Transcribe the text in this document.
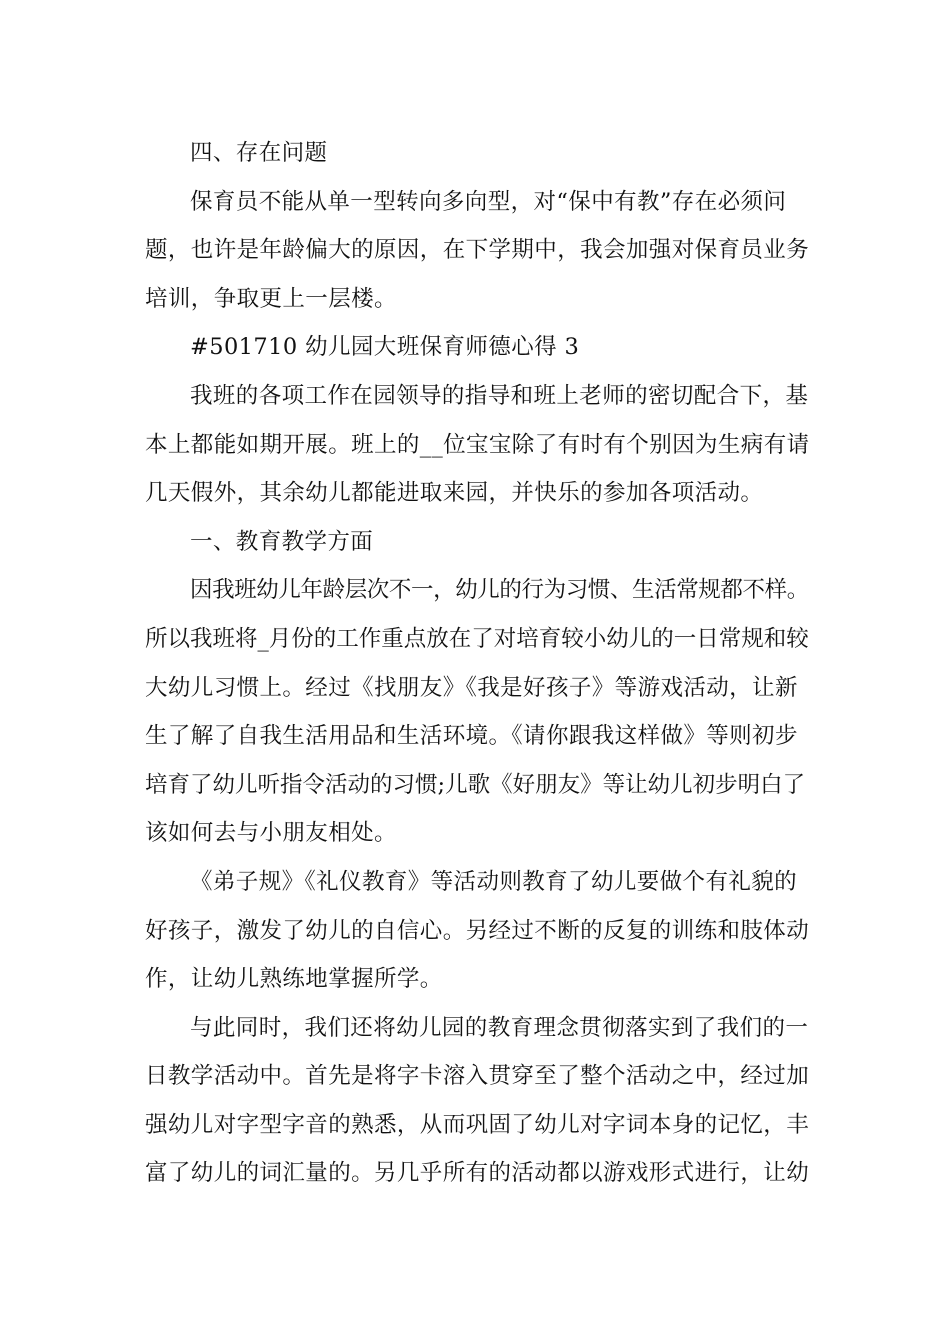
四、存在问题
保育员不能从单一型转向多向型，对“保中有教”存在必须问
题，也许是年龄偏大的原因，在下学期中，我会加强对保育员业务
培训，争取更上一层楼。
#501710 幼儿园大班保育师德心得 3
我班的各项工作在园领导的指导和班上老师的密切配合下，基
本上都能如期开展。班上的__位宝宝除了有时有个别因为生病有请
几天假外，其余幼儿都能进取来园，并快乐的参加各项活动。
一、教育教学方面
因我班幼儿年龄层次不一，幼儿的行为习惯、生活常规都不样。
所以我班将_月份的工作重点放在了对培育较小幼儿的一日常规和较
大幼儿习惯上。经过《找朋友》《我是好孩子》等游戏活动，让新
生了解了自我生活用品和生活环境。《请你跟我这样做》等则初步
培育了幼儿听指令活动的习惯;儿歌《好朋友》等让幼儿初步明白了
该如何去与小朋友相处。
《弟子规》《礼仪教育》等活动则教育了幼儿要做个有礼貌的
好孩子，激发了幼儿的自信心。另经过不断的反复的训练和肢体动
作，让幼儿熟练地掌握所学。
与此同时，我们还将幼儿园的教育理念贯彻落实到了我们的一
日教学活动中。首先是将字卡溶入贯穿至了整个活动之中，经过加
强幼儿对字型字音的熟悉，从而巩固了幼儿对字词本身的记忆，丰
富了幼儿的词汇量的。另几乎所有的活动都以游戏形式进行，让幼
